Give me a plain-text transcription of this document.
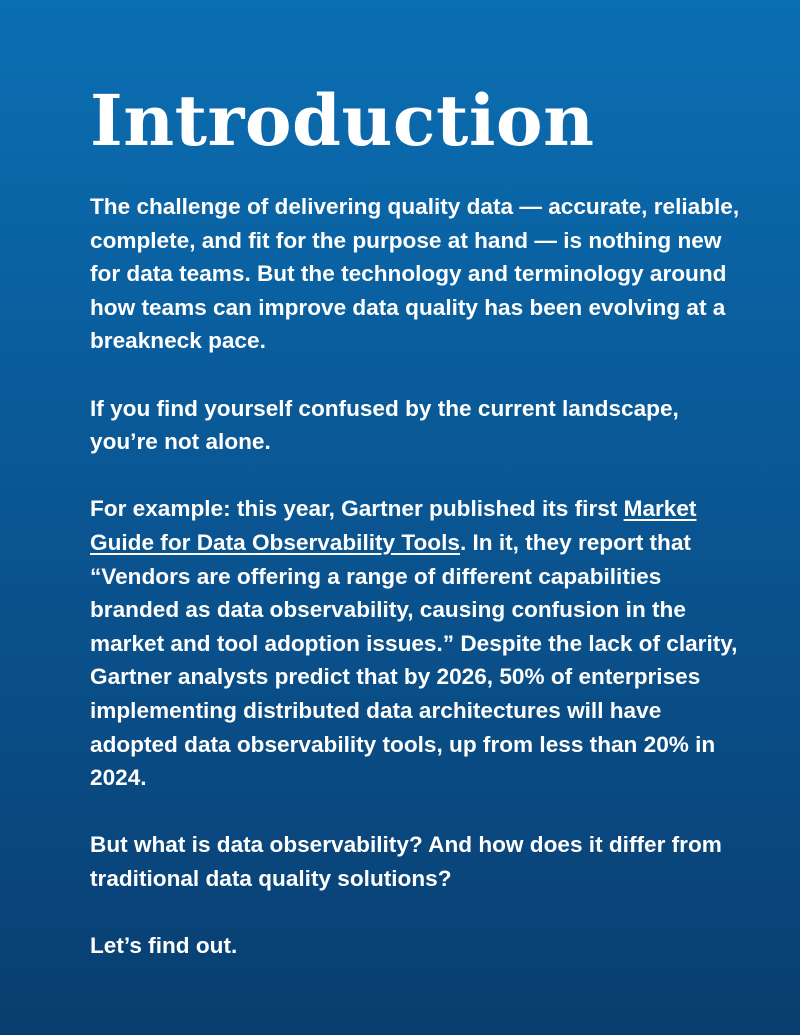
Introduction

The challenge of delivering quality data — accurate, reliable, complete, and fit for the purpose at hand — is nothing new for data teams. But the technology and terminology around how teams can improve data quality has been evolving at a breakneck pace.

If you find yourself confused by the current landscape, you’re not alone.

For example: this year, Gartner published its first Market Guide for Data Observability Tools. In it, they report that “Vendors are offering a range of different capabilities branded as data observability, causing confusion in the market and tool adoption issues.” Despite the lack of clarity, Gartner analysts predict that by 2026, 50% of enterprises implementing distributed data architectures will have adopted data observability tools, up from less than 20% in 2024.

But what is data observability? And how does it differ from traditional data quality solutions?

Let’s find out.
